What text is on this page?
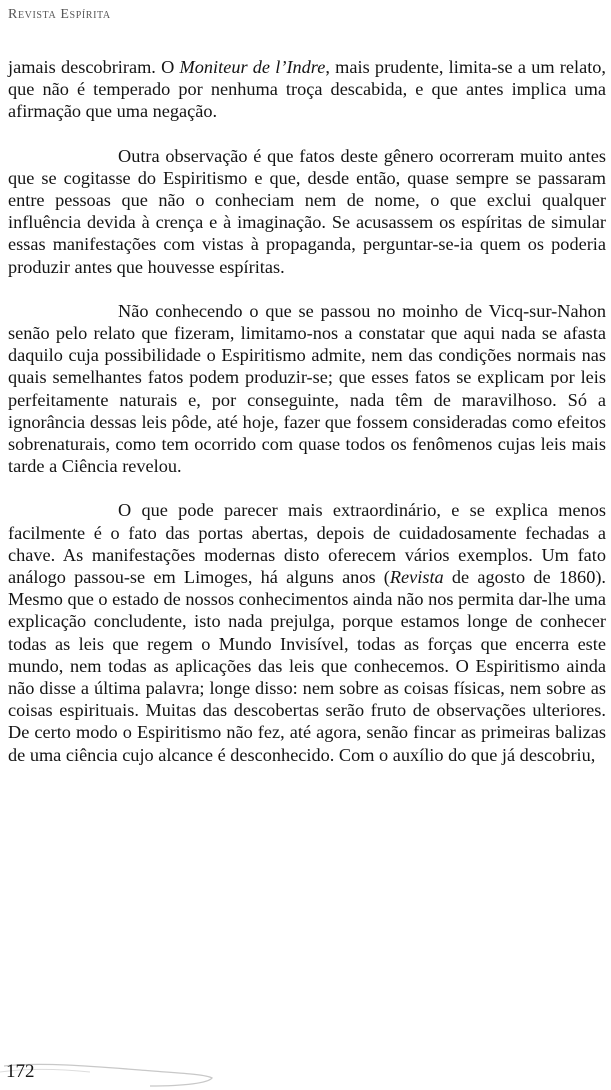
Revista Espírita

jamais descobriram. O Moniteur de l’Indre, mais prudente, limita-se a um relato, que não é temperado por nenhuma troça descabida, e que antes implica uma afirmação que uma negação.

Outra observação é que fatos deste gênero ocorreram muito antes que se cogitasse do Espiritismo e que, desde então, quase sempre se passaram entre pessoas que não o conheciam nem de nome, o que exclui qualquer influência devida à crença e à imaginação. Se acusassem os espíritas de simular essas manifestações com vistas à propaganda, perguntar-se-ia quem os poderia produzir antes que houvesse espíritas.

Não conhecendo o que se passou no moinho de Vicq-sur-Nahon senão pelo relato que fizeram, limitamo-nos a constatar que aqui nada se afasta daquilo cuja possibilidade o Espiritismo admite, nem das condições normais nas quais semelhantes fatos podem produzir-se; que esses fatos se explicam por leis perfeitamente naturais e, por conseguinte, nada têm de maravilhoso. Só a ignorância dessas leis pôde, até hoje, fazer que fossem consideradas como efeitos sobrenaturais, como tem ocorrido com quase todos os fenômenos cujas leis mais tarde a Ciência revelou.

O que pode parecer mais extraordinário, e se explica menos facilmente é o fato das portas abertas, depois de cuidadosamente fechadas a chave. As manifestações modernas disto oferecem vários exemplos. Um fato análogo passou-se em Limoges, há alguns anos (Revista de agosto de 1860). Mesmo que o estado de nossos conhecimentos ainda não nos permita dar-lhe uma explicação concludente, isto nada prejulga, porque estamos longe de conhecer todas as leis que regem o Mundo Invisível, todas as forças que encerra este mundo, nem todas as aplicações das leis que conhecemos. O Espiritismo ainda não disse a última palavra; longe disso: nem sobre as coisas físicas, nem sobre as coisas espirituais. Muitas das descobertas serão fruto de observações ulteriores. De certo modo o Espiritismo não fez, até agora, senão fincar as primeiras balizas de uma ciência cujo alcance é desconhecido. Com o auxílio do que já descobriu,

172
